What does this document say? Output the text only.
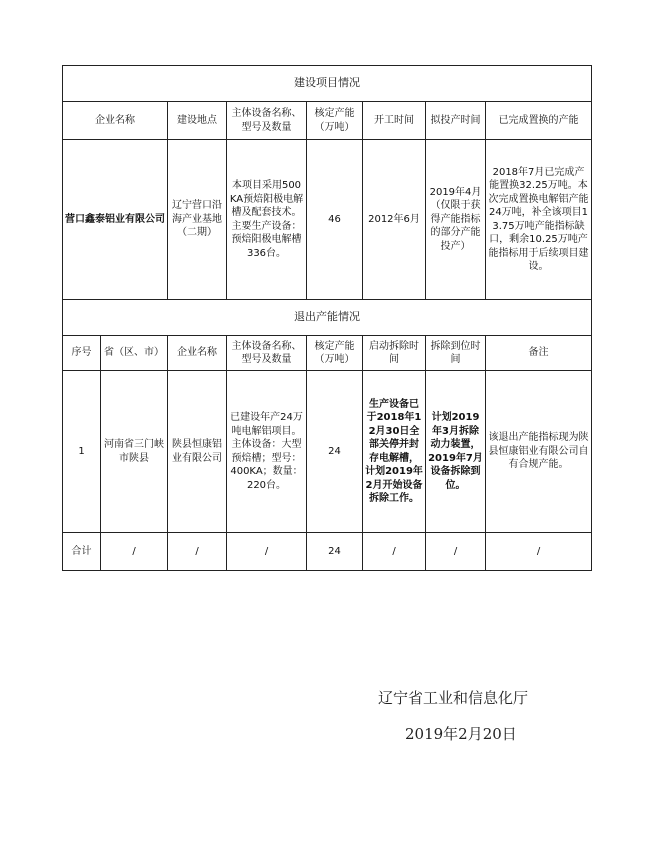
建设项目情况							
企业名称		建设地点	主体设备名称、型号及数量	核定产能（万吨）	开工时间	拟投产时间	已完成置换的产能
营口鑫泰铝业有限公司		辽宁营口沿海产业基地（二期）	本项目采用500KA预焙阳极电解槽及配套技术。主要生产设备：预焙阳极电解槽336台。	46	2012年6月	2019年4月（仅限于获得产能指标的部分产能投产）	2018年7月已完成产能置换32.25万吨。本次完成置换电解铝产能24万吨，补全该项目13.75万吨产能指标缺口，剩余10.25万吨产能指标用于后续项目建设。
退出产能情况							
序号	省（区、市）	企业名称	主体设备名称、型号及数量	核定产能（万吨）	启动拆除时间	拆除到位时间	备注
1	河南省三门峡市陕县	陕县恒康铝业有限公司	已建设年产24万吨电解铝项目。主体设备：大型预焙槽；型号：400KA；数量：220台。	24	生产设备已于2018年12月30日全部关停并封存电解槽，计划2019年2月开始设备拆除工作。	计划2019年3月拆除动力装置，2019年7月设备拆除到位。	该退出产能指标现为陕县恒康铝业有限公司自有合规产能。
合计	/	/	/	24	/	/	/
辽宁省工业和信息化厅
2019年2月20日
